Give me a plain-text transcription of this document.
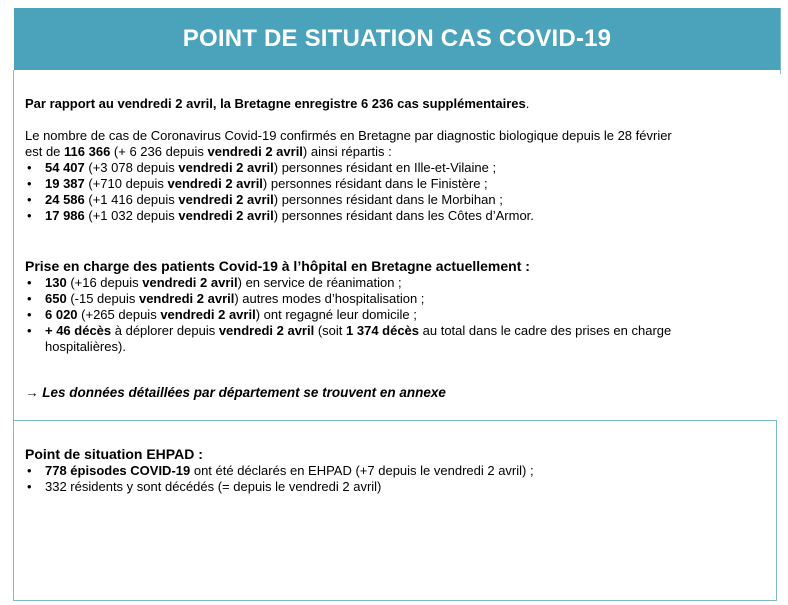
POINT DE SITUATION CAS COVID-19
Par rapport au vendredi 2 avril, la Bretagne enregistre 6 236 cas supplémentaires.
Le nombre de cas de Coronavirus Covid-19 confirmés en Bretagne par diagnostic biologique depuis le 28 février
est de 116 366 (+ 6 236 depuis vendredi 2 avril) ainsi répartis :
• 54 407 (+3 078 depuis vendredi 2 avril) personnes résidant en Ille-et-Vilaine ;
• 19 387 (+710 depuis vendredi 2 avril) personnes résidant dans le Finistère ;
• 24 586 (+1 416 depuis vendredi 2 avril) personnes résidant dans le Morbihan ;
• 17 986 (+1 032 depuis vendredi 2 avril) personnes résidant dans les Côtes d’Armor.
Prise en charge des patients Covid-19 à l’hôpital en Bretagne actuellement :
• 130 (+16 depuis vendredi 2 avril) en service de réanimation ;
• 650 (-15 depuis vendredi 2 avril) autres modes d’hospitalisation ;
• 6 020 (+265 depuis vendredi 2 avril) ont regagné leur domicile ;
• + 46 décès à déplorer depuis vendredi 2 avril (soit 1 374 décès au total dans le cadre des prises en charge
hospitalières).
→ Les données détaillées par département se trouvent en annexe
Point de situation EHPAD :
• 778 épisodes COVID-19 ont été déclarés en EHPAD (+7 depuis le vendredi 2 avril) ;
• 332 résidents y sont décédés (= depuis le vendredi 2 avril)
